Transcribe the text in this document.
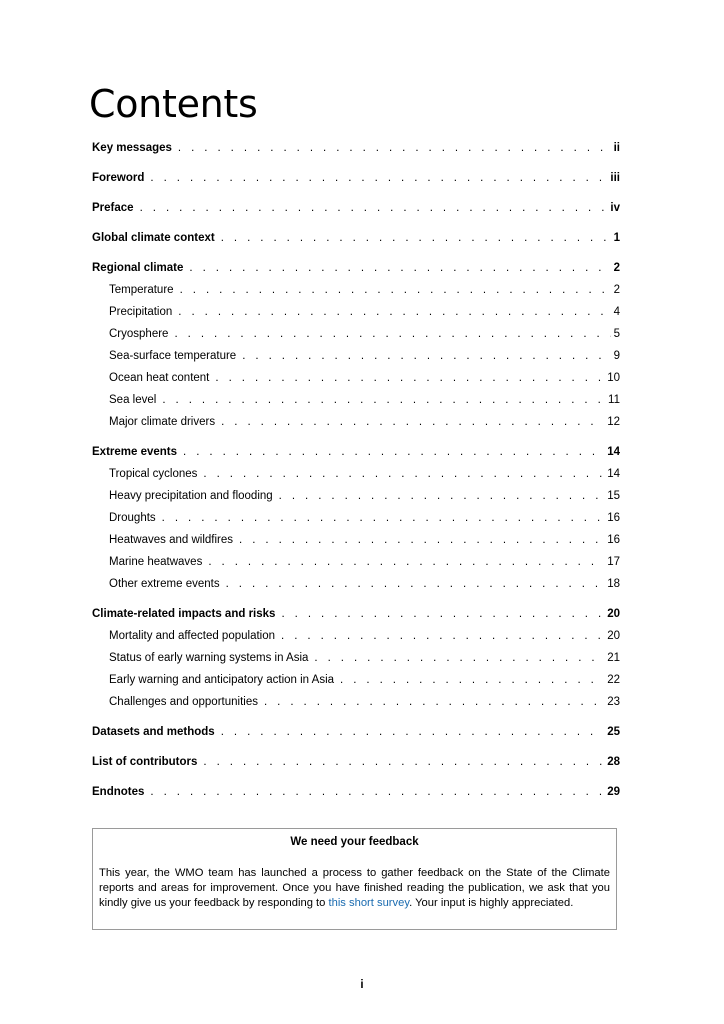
Contents
Key messages . . .	ii
Foreword . . .	iii
Preface . . .	iv
Global climate context . . .	1
Regional climate . . .	2
Temperature . . .	2
Precipitation . . .	4
Cryosphere . . .	5
Sea-surface temperature . . .	9
Ocean heat content . . .	10
Sea level . . .	11
Major climate drivers . . .	12
Extreme events . . .	14
Tropical cyclones . . .	14
Heavy precipitation and flooding . . .	15
Droughts . . .	16
Heatwaves and wildfires . . .	16
Marine heatwaves . . .	17
Other extreme events . . .	18
Climate-related impacts and risks . . .	20
Mortality and affected population . . .	20
Status of early warning systems in Asia . . .	21
Early warning and anticipatory action in Asia . . .	22
Challenges and opportunities . . .	23
Datasets and methods . . .	25
List of contributors . . .	28
Endnotes . . .	29

We need your feedback

This year, the WMO team has launched a process to gather feedback on the State of the Climate reports and areas for improvement. Once you have finished reading the publication, we ask that you kindly give us your feedback by responding to this short survey. Your input is highly appreciated.

i
